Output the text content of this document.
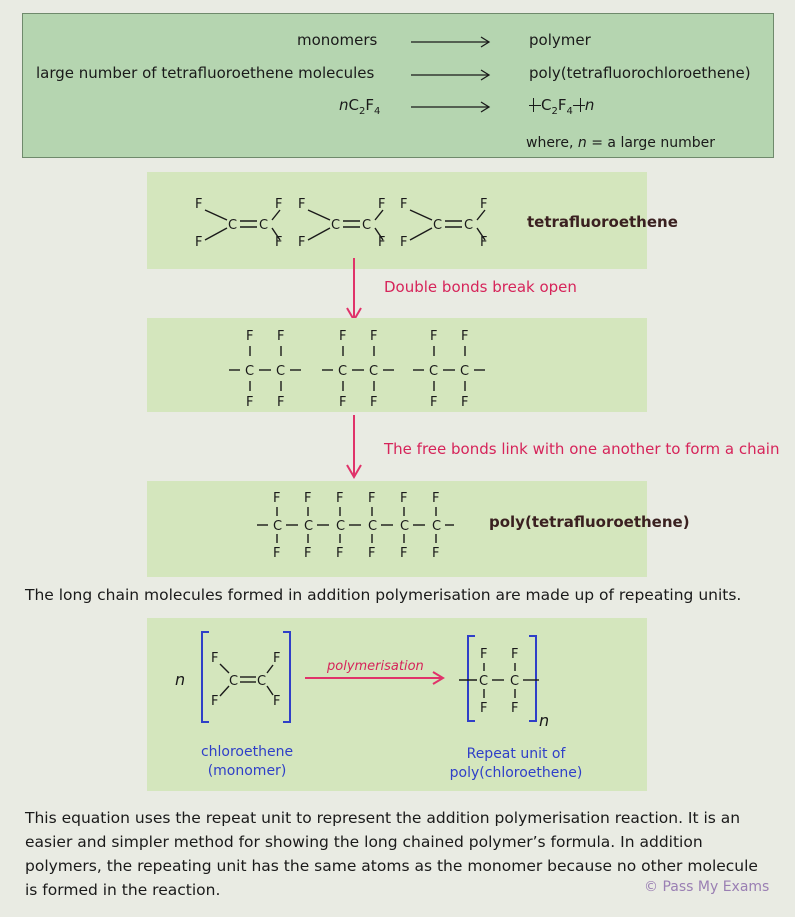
monomers	polymer
large number of tetrafluoroethene molecules	poly(tetrafluorochloroethene)
$nC_2F_4$	$C_2F_4$ n
where, n = a large number
F
F
F
F
C C
F
F
F
F
C C
F
F
F
F
C C	tetrafluoroethene
Double bonds break open
F F
C C
F F
F F
C C
F F
F F
C C
F F
The free bonds link with one another to form a chain
F
C
F
F
C
F
F
C
F
F
C
F
F
C
F
F
C
F
poly(tetrafluoroethene)
The long chain molecules formed in addition polymerisation are made up of repeating units.
n
F
F
F
F
C C
polymerisation
F
C
F
F
C
F
n
chloroethene
(monomer)
Repeat unit of
poly(chloroethene)
This equation uses the repeat unit to represent the addition polymerisation reaction. It is an easier and simpler method for showing the long chained polymer’s formula. In addition polymers, the repeating unit has the same atoms as the monomer because no other molecule is formed in the reaction.	© Pass My Exams
